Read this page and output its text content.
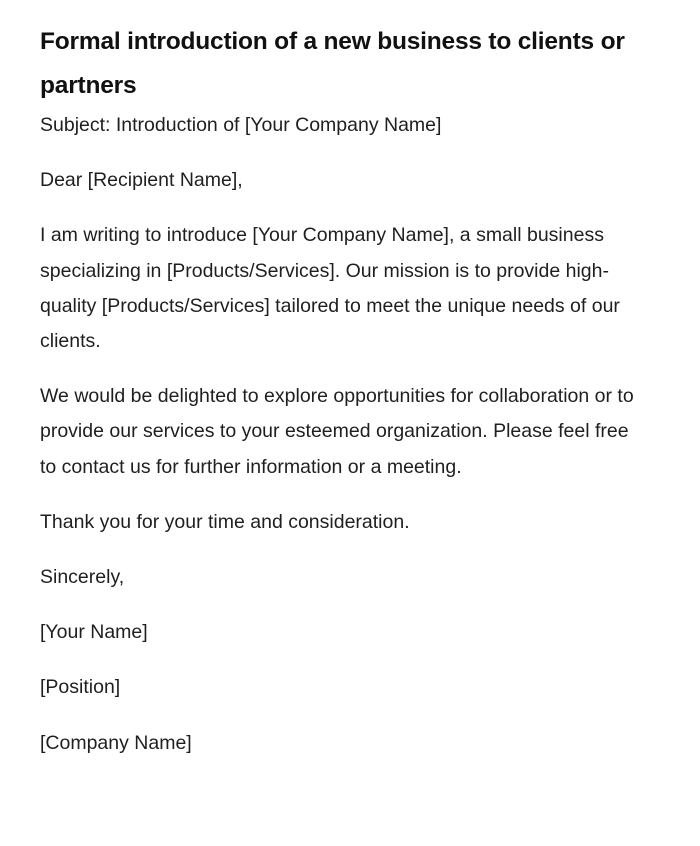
Formal introduction of a new business to clients or partners

Subject: Introduction of [Your Company Name]

Dear [Recipient Name],

I am writing to introduce [Your Company Name], a small business specializing in [Products/Services]. Our mission is to provide high-quality [Products/Services] tailored to meet the unique needs of our clients.

We would be delighted to explore opportunities for collaboration or to provide our services to your esteemed organization. Please feel free to contact us for further information or a meeting.

Thank you for your time and consideration.

Sincerely,

[Your Name]

[Position]

[Company Name]
